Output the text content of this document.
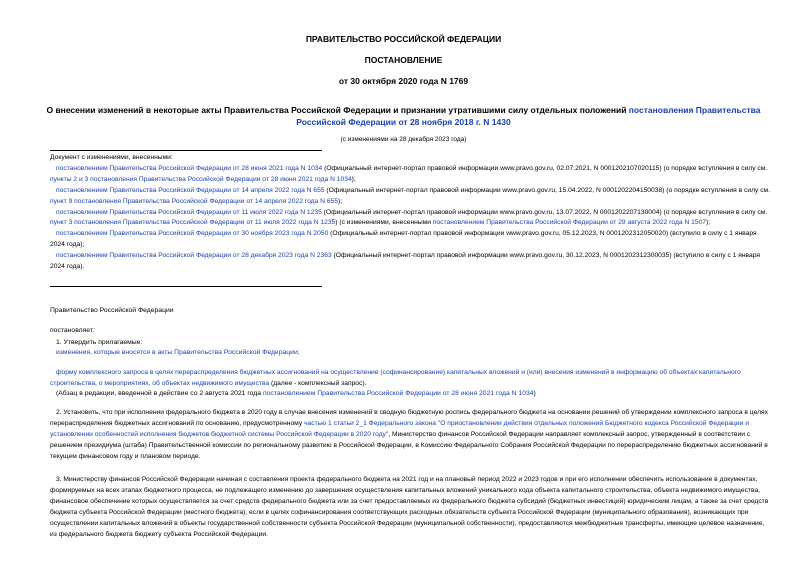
ПРАВИТЕЛЬСТВО РОССИЙСКОЙ ФЕДЕРАЦИИ
ПОСТАНОВЛЕНИЕ
от 30 октября 2020 года N 1769
О внесении изменений в некоторые акты Правительства Российской Федерации и признании утратившими силу отдельных положений постановления Правительства Российской Федерации от 28 ноября 2018 г. N 1430
(с изменениями на 28 декабря 2023 года)

Документ с изменениями, внесенными:

постановлением Правительства Российской Федерации от 28 июня 2021 года N 1034 (Официальный интернет-портал правовой информации www.pravo.gov.ru, 02.07.2021, N 0001202107020115) (о порядке вступления в силу см. пункты 2 и 3 постановления Правительства Российской Федерации от 28 июня 2021 года N 1034);

постановлением Правительства Российской Федерации от 14 апреля 2022 года N 655 (Официальный интернет-портал правовой информации www.pravo.gov.ru, 15.04.2022, N 0001202204150038) (о порядке вступления в силу см. пункт 9 постановления Правительства Российской Федерации от 14 апреля 2022 года N 655);

постановлением Правительства Российской Федерации от 11 июля 2022 года N 1235 (Официальный интернет-портал правовой информации www.pravo.gov.ru, 13.07.2022, N 0001202207130004) (о порядке вступления в силу см. пункт 3 постановления Правительства Российской Федерации от 11 июля 2022 года N 1235) (с изменениями, внесенными постановлением Правительства Российской Федерации от 29 августа 2022 года N 1507);

постановлением Правительства Российской Федерации от 30 ноября 2023 года N 2050 (Официальный интернет-портал правовой информации www.pravo.gov.ru, 05.12.2023, N 0001202312050020) (вступило в силу с 1 января 2024 года);

постановлением Правительства Российской Федерации от 28 декабря 2023 года N 2363 (Официальный интернет-портал правовой информации www.pravo.gov.ru, 30.12.2023, N 0001202312300035) (вступило в силу с 1 января 2024 года).

Правительство Российской Федерации
постановляет:
1. Утвердить прилагаемые:
изменения, которые вносятся в акты Правительства Российской Федерации;

форму комплексного запроса в целях перераспределения бюджетных ассигнований на осуществление (софинансирование) капитальных вложений и (или) внесения изменений в информацию об объектах капитального строительства, о мероприятиях, об объектах недвижимого имущества (далее - комплексный запрос).

(Абзац в редакции, введенной в действие со 2 августа 2021 года постановлением Правительства Российской Федерации от 28 июня 2021 года N 1034)

2. Установить, что при исполнении федерального бюджета в 2020 году в случае внесения изменений в сводную бюджетную роспись федерального бюджета на основании решений об утверждении комплексного запроса в целях перераспределения бюджетных ассигнований по основанию, предусмотренному частью 1 статьи 2_1 Федерального закона "О приостановлении действия отдельных положений Бюджетного кодекса Российской Федерации и установлении особенностей исполнения бюджетов бюджетной системы Российской Федерации в 2020 году", Министерство финансов Российской Федерации направляет комплексный запрос, утвержденный в соответствии с решением президиума (штаба) Правительственной комиссии по региональному развитию в Российской Федерации, в Комиссию Федерального Собрания Российской Федерации по перераспределению бюджетных ассигнований в текущем финансовом году и плановом периоде.

3. Министерству финансов Российской Федерации начиная с составления проекта федерального бюджета на 2021 год и на плановый период 2022 и 2023 годов и при его исполнении обеспечить использование в документах, формируемых на всех этапах бюджетного процесса, не подлежащего изменению до завершения осуществления капитальных вложений уникального кода объекта капитального строительства, объекта недвижимого имущества, финансовое обеспечение которых осуществляется за счет средств федерального бюджета или за счет предоставляемых из федерального бюджета субсидий (бюджетных инвестиций) юридическим лицам, а также за счет средств бюджета субъекта Российской Федерации (местного бюджета), если в целях софинансирования соответствующих расходных обязательств субъекта Российской Федерации (муниципального образования), возникающих при осуществлении капитальных вложений в объекты государственной собственности субъекта Российской Федерации (муниципальной собственности), предоставляются межбюджетные трансферты, имеющие целевое назначение, из федерального бюджета бюджету субъекта Российской Федерации.
